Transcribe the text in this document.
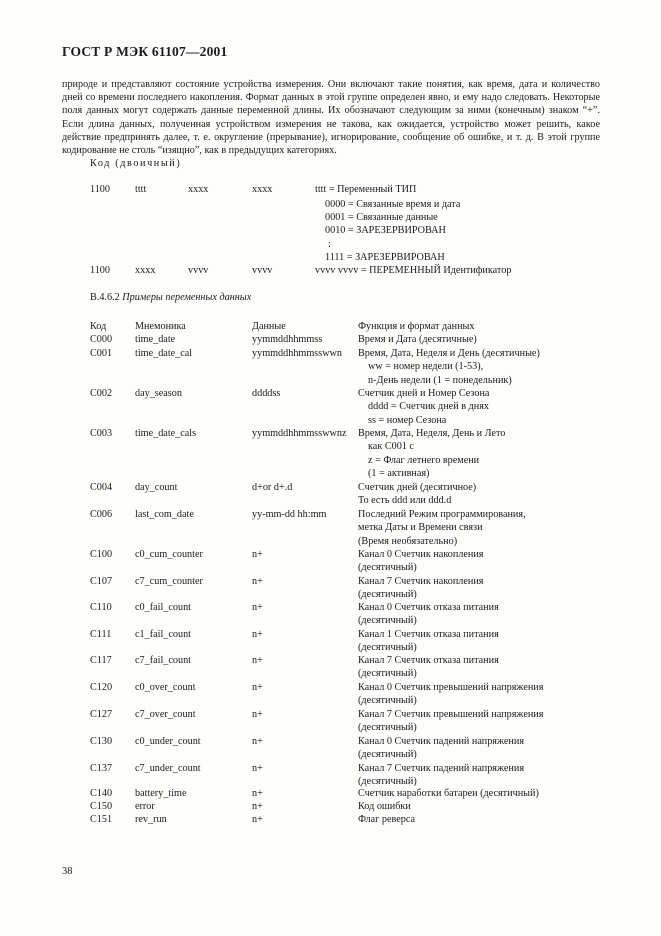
ГОСТ Р МЭК 61107—2001
природе и представляют состояние устройства измерения. Они включают такие понятия, как время, дата и количество дней со времени последнего накопления. Формат данных в этой группе определен явно, и ему надо следовать. Некоторые поля данных могут содержать данные переменной длины. Их обозначают следующим за ними (конечным) знаком “+”. Если длина данных, полученная устройством измерения не такова, как ожидается, устройство может решить, какое действие предпринять далее, т. е. округление (прерывание), игнорирование, сообщение об ошибке, и т. д. В этой группе кодирование не столь “изящно”, как в предыдущих категориях.
Код (двоичный)
1100 tttt	xxxx	xxxx	tttt = Переменный ТИП
0000 = Связанные время и дата
0001 = Связанные данные
0010 = ЗАРЕЗЕРВИРОВАН
:
1111 = ЗАРЕЗЕРВИРОВАН
1100 xxxx	vvvv	vvvv	vvvv vvvv = ПЕРЕМЕННЫЙ Идентификатор
B.4.6.2 Примеры переменных данных
Код	Мнемоника	Данные	Функция и формат данных
C000 time_date	yymmddhhmmss	Время и Дата (десятичные)
C001 time_date_cal	yymmddhhmmsswwn Время, Дата, Неделя и День (десятичные)
ww = номер недели (1-53),
n-День недели (1 = понедельник)
C002 day_season	ddddss	Счетчик дней и Номер Сезона
dddd = Счетчик дней в днях
ss = номер Сезона
C003 time_date_cals	yymmddhhmmsswwnz Время, Дата, Неделя, День и Лето
как C001 с
z = Флаг летнего времени
(1 = активная)
C004 day_count	d+or d+.d	Счетчик дней (десятичное)
То есть ddd или ddd.d
C006 last_com_date	yy-mm-dd hh:mm	Последний Режим программирования,
метка Даты и Времени связи
(Время необязательно)
C100 c0_cum_counter	n+	Канал 0 Счетчик накопления
(десятичный)
C107 c7_cum_counter	n+	Канал 7 Счетчик накопления
(десятичный)
C110 c0_fail_count	n+	Канал 0 Счетчик отказа питания
(десятичный)
C111 c1_fail_count	n+	Канал 1 Счетчик отказа питания
(десятичный)
C117 c7_fail_count	n+	Канал 7 Счетчик отказа питания
(десятичный)
C120 c0_over_count	n+	Канал 0 Счетчик превышений напряжения
(десятичный)
C127 c7_over_count	n+	Канал 7 Счетчик превышений напряжения
(десятичный)
C130 c0_under_count	n+	Канал 0 Счетчик падений напряжения
(десятичный)
C137 c7_under_count	n+	Канал 7 Счетчик падений напряжения
(десятичный)
C140 battery_time	n+	Счетчик наработки батареи (десятичный)
C150 error	n+	Код ошибки
C151 rev_run	n+	Флаг реверса
38
